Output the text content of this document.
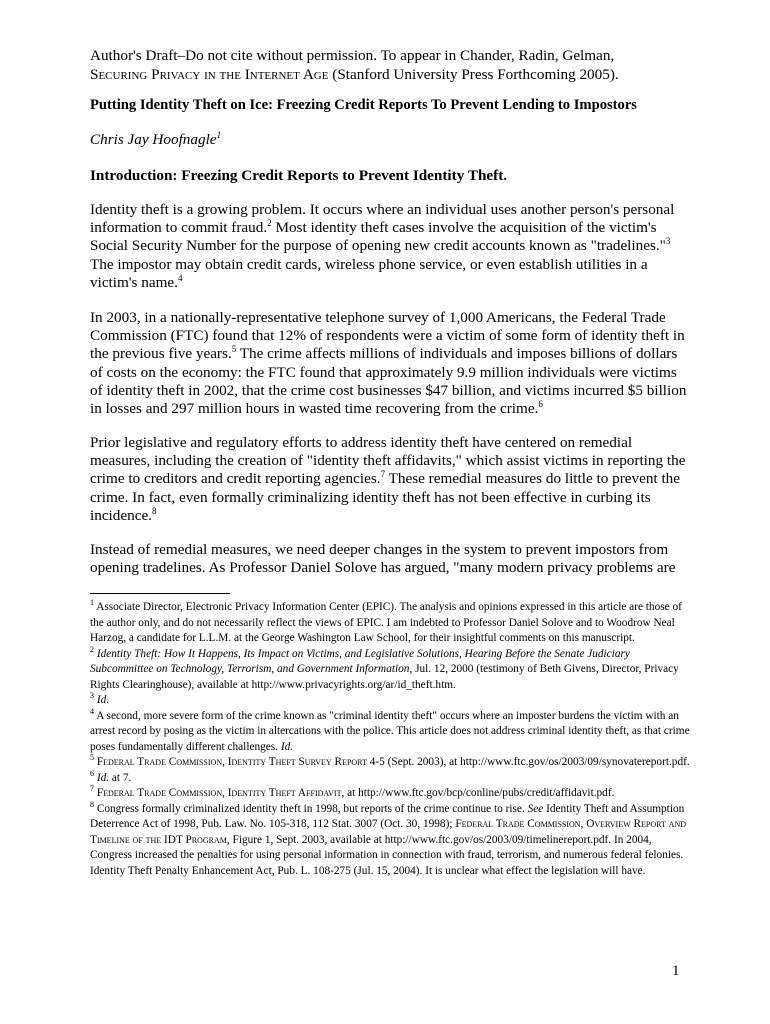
Author's Draft–Do not cite without permission. To appear in Chander, Radin, Gelman,
Securing Privacy in the Internet Age (Stanford University Press Forthcoming 2005).
Putting Identity Theft on Ice: Freezing Credit Reports To Prevent Lending to Impostors
Chris Jay Hoofnagle$^1$
Introduction: Freezing Credit Reports to Prevent Identity Theft.

Identity theft is a growing problem. It occurs where an individual uses another person's personal information to commit fraud.$^2$ Most identity theft cases involve the acquisition of the victim's Social Security Number for the purpose of opening new credit accounts known as "tradelines."$^3$ The impostor may obtain credit cards, wireless phone service, or even establish utilities in a victim's name.$^4$

In 2003, in a nationally-representative telephone survey of 1,000 Americans, the Federal Trade Commission (FTC) found that 12% of respondents were a victim of some form of identity theft in the previous five years.$^5$ The crime affects millions of individuals and imposes billions of dollars of costs on the economy: the FTC found that approximately 9.9 million individuals were victims of identity theft in 2002, that the crime cost businesses $47 billion, and victims incurred $5 billion in losses and 297 million hours in wasted time recovering from the crime.$^6$

Prior legislative and regulatory efforts to address identity theft have centered on remedial measures, including the creation of "identity theft affidavits," which assist victims in reporting the crime to creditors and credit reporting agencies.$^7$ These remedial measures do little to prevent the crime. In fact, even formally criminalizing identity theft has not been effective in curbing its incidence.$^8$

Instead of remedial measures, we need deeper changes in the system to prevent impostors from opening tradelines. As Professor Daniel Solove has argued, "many modern privacy problems are

$^1$ Associate Director, Electronic Privacy Information Center (EPIC). The analysis and opinions expressed in this article are those of the author only, and do not necessarily reflect the views of EPIC. I am indebted to Professor Daniel Solove and to Woodrow Neal Harzog, a candidate for L.L.M. at the George Washington Law School, for their insightful comments on this manuscript.

$^2$ Identity Theft: How It Happens, Its Impact on Victims, and Legislative Solutions, Hearing Before the Senate Judiciary Subcommittee on Technology, Terrorism, and Government Information, Jul. 12, 2000 (testimony of Beth Givens, Director, Privacy Rights Clearinghouse), available at http://www.privacyrights.org/ar/id_theft.htm.

$^3$ Id.

$^4$ A second, more severe form of the crime known as "criminal identity theft" occurs where an imposter burdens the victim with an arrest record by posing as the victim in altercations with the police. This article does not address criminal identity theft, as that crime poses fundamentally different challenges. Id.

$^5$ Federal Trade Commission, Identity Theft Survey Report 4-5 (Sept. 2003), at http://www.ftc.gov/os/2003/09/synovatereport.pdf.

$^6$ Id. at 7.

$^7$ Federal Trade Commission, Identity Theft Affidavit, at http://www.ftc.gov/bcp/conline/pubs/credit/affidavit.pdf.

$^8$ Congress formally criminalized identity theft in 1998, but reports of the crime continue to rise. See Identity Theft and Assumption Deterrence Act of 1998, Pub. Law. No. 105-318, 112 Stat. 3007 (Oct. 30, 1998); Federal Trade Commission, Overview Report and Timeline of the IDT Program, Figure 1, Sept. 2003, available at http://www.ftc.gov/os/2003/09/timelinereport.pdf. In 2004, Congress increased the penalties for using personal information in connection with fraud, terrorism, and numerous federal felonies. Identity Theft Penalty Enhancement Act, Pub. L. 108-275 (Jul. 15, 2004). It is unclear what effect the legislation will have.

1
